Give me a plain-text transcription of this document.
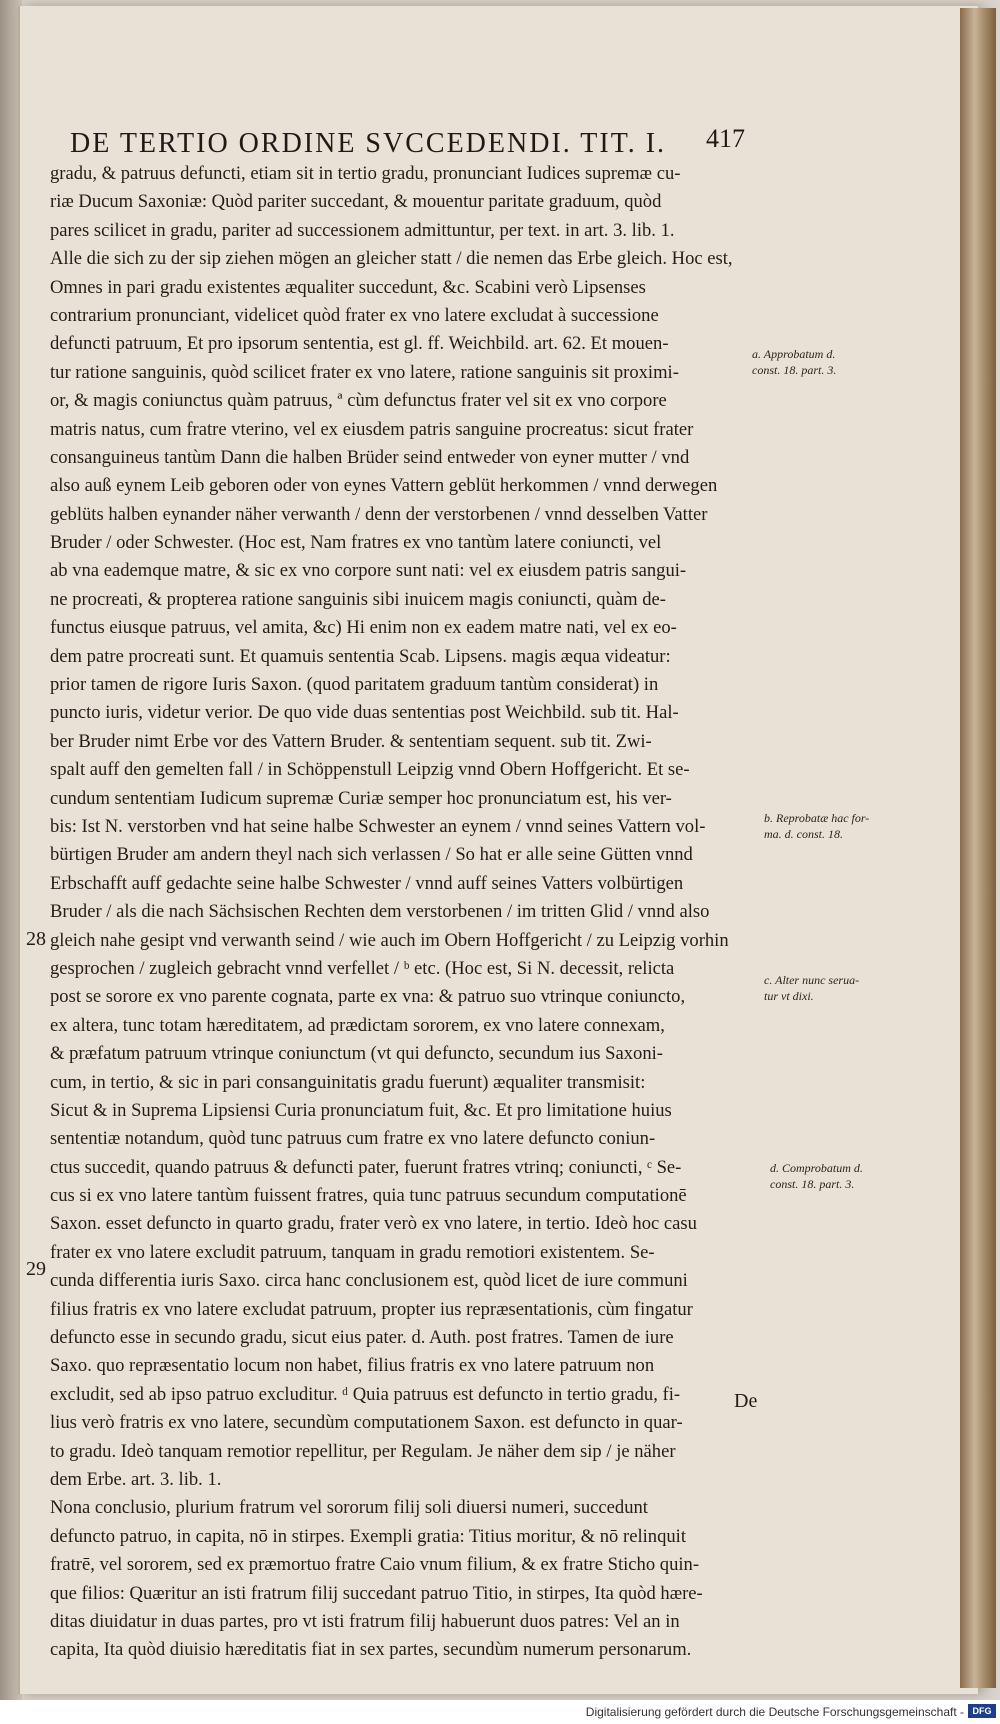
DE TERTIO ORDINE SVCCEDENDI. TIT. I.	417
gradu, & patruus defuncti, etiam sit in tertio gradu, pronunciant Iudices supremæ cu-
riæ Ducum Saxoniæ: Quòd pariter succedant, & mouentur paritate graduum, quòd
pares scilicet in gradu, pariter ad successionem admittuntur, per text. in art. 3. lib. 1.
Alle die sich zu der sip ziehen mögen an gleicher statt / die nemen das Erbe gleich. Hoc est,
Omnes in pari gradu existentes æqualiter succedunt, &c. Scabini verò Lipsenses
contrarium pronunciant, videlicet quòd frater ex vno latere excludat à successione
defuncti patruum, Et pro ipsorum sententia, est gl. ff. Weichbild. art. 62. Et mouen-
tur ratione sanguinis, quòd scilicet frater ex vno latere, ratione sanguinis sit proximi-
or, & magis coniunctus quàm patruus, ª cùm defunctus frater vel sit ex vno corpore
matris natus, cum fratre vterino, vel ex eiusdem patris sanguine procreatus: sicut frater
consanguineus tantùm Dann die halben Brüder seind entweder von eyner mutter / vnd
also auß eynem Leib geboren oder von eynes Vattern geblüt herkommen / vnnd derwegen
geblüts halben eynander näher verwanth / denn der verstorbenen / vnnd desselben Vatter
Bruder / oder Schwester. (Hoc est, Nam fratres ex vno tantùm latere coniuncti, vel
ab vna eademque matre, & sic ex vno corpore sunt nati: vel ex eiusdem patris sangui-
ne procreati, & propterea ratione sanguinis sibi inuicem magis coniuncti, quàm de-
functus eiusque patruus, vel amita, &c) Hi enim non ex eadem matre nati, vel ex eo-
dem patre procreati sunt. Et quamuis sententia Scab. Lipsens. magis æqua videatur:
prior tamen de rigore Iuris Saxon. (quod paritatem graduum tantùm considerat) in
puncto iuris, videtur verior. De quo vide duas sententias post Weichbild. sub tit. Hal-
ber Bruder nimt Erbe vor des Vattern Bruder. & sententiam sequent. sub tit. Zwi-
spalt auff den gemelten fall / in Schöppenstull Leipzig vnnd Obern Hoffgericht. Et se-
cundum sententiam Iudicum supremæ Curiæ semper hoc pronunciatum est, his ver-
bis: Ist N. verstorben vnd hat seine halbe Schwester an eynem / vnnd seines Vattern vol-
bürtigen Bruder am andern theyl nach sich verlassen / So hat er alle seine Gütten vnnd
Erbschafft auff gedachte seine halbe Schwester / vnnd auff seines Vatters volbürtigen
Bruder / als die nach Sächsischen Rechten dem verstorbenen / im tritten Glid / vnnd also
gleich nahe gesipt vnd verwanth seind / wie auch im Obern Hoffgericht / zu Leipzig vorhin
gesprochen / zugleich gebracht vnnd verfellet / ᵇ etc. (Hoc est, Si N. decessit, relicta
post se sorore ex vno parente cognata, parte ex vna: & patruo suo vtrinque coniuncto,
ex altera, tunc totam hæreditatem, ad prædictam sororem, ex vno latere connexam,
& præfatum patruum vtrinque coniunctum (vt qui defuncto, secundum ius Saxoni-
cum, in tertio, & sic in pari consanguinitatis gradu fuerunt) æqualiter transmisit:
Sicut & in Suprema Lipsiensi Curia pronunciatum fuit, &c. Et pro limitatione huius
sententiæ notandum, quòd tunc patruus cum fratre ex vno latere defuncto coniun-
ctus succedit, quando patruus & defuncti pater, fuerunt fratres vtrinq; coniuncti, ᶜ Se-
cus si ex vno latere tantùm fuissent fratres, quia tunc patruus secundum computationē
Saxon. esset defuncto in quarto gradu, frater verò ex vno latere, in tertio. Ideò hoc casu
frater ex vno latere excludit patruum, tanquam in gradu remotiori existentem. Se-
cunda differentia iuris Saxo. circa hanc conclusionem est, quòd licet de iure communi
filius fratris ex vno latere excludat patruum, propter ius repræsentationis, cùm fingatur
defuncto esse in secundo gradu, sicut eius pater. d. Auth. post fratres. Tamen de iure
Saxo. quo repræsentatio locum non habet, filius fratris ex vno latere patruum non
excludit, sed ab ipso patruo excluditur. ᵈ Quia patruus est defuncto in tertio gradu, fi-
lius verò fratris ex vno latere, secundùm computationem Saxon. est defuncto in quar-
to gradu. Ideò tanquam remotior repellitur, per Regulam. Je näher dem sip / je näher
dem Erbe. art. 3. lib. 1.
Nona conclusio, plurium fratrum vel sororum filij soli diuersi numeri, succedunt
defuncto patruo, in capita, nō in stirpes. Exempli gratia: Titius moritur, & nō relinquit
fratrē, vel sororem, sed ex præmortuo fratre Caio vnum filium, & ex fratre Sticho quin-
que filios: Quæritur an isti fratrum filij succedant patruo Titio, in stirpes, Ita quòd hære-
ditas diuidatur in duas partes, pro vt isti fratrum filij habuerunt duos patres: Vel an in
capita, Ita quòd diuisio hæreditatis fiat in sex partes, secundùm numerum personarum.
28
29
a. Approbatum d.
const. 18. part. 3.
b. Reprobatæ hac for-
ma. d. const. 18.
c. Alter nunc serua-
tur vt dixi.
d. Comprobatum d.
const. 18. part. 3.
De
Digitalisierung gefördert durch die Deutsche Forschungsgemeinschaft - DFG
